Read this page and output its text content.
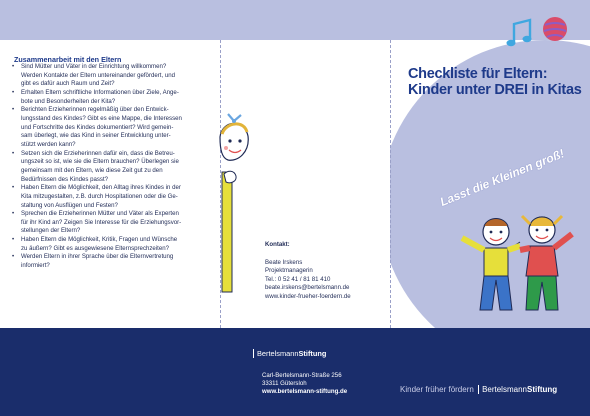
Zusammenarbeit mit den Eltern
• Sind Mütter und Väter in der Einrichtung willkommen?
Werden Kontakte der Eltern untereinander gefördert, und
gibt es dafür auch Raum und Zeit?
• Erhalten Eltern schriftliche Informationen über Ziele, Ange-
bote und Besonderheiten der Kita?
• Berichten Erzieherinnen regelmäßig über den Entwick-
lungsstand des Kindes? Gibt es eine Mappe, die Interessen
und Fortschritte des Kindes dokumentiert? Wird gemein-
sam überlegt, wie das Kind in seiner Entwicklung unter-
stützt werden kann?
• Setzen sich die Erzieherinnen dafür ein, dass die Betreu-
ungszeit so ist, wie sie die Eltern brauchen? Überlegen sie
gemeinsam mit den Eltern, wie diese Zeit gut zu den
Bedürfnissen des Kindes passt?
• Haben Eltern die Möglichkeit, den Alltag ihres Kindes in der
Kita mitzugestalten, z.B. durch Hospitationen oder die Ge-
staltung von Ausflügen und Festen?
• Sprechen die Erzieherinnen Mütter und Väter als Experten
für ihr Kind an? Zeigen Sie Interesse für die Erziehungsvor-
stellungen der Eltern?
• Haben Eltern die Möglichkeit, Kritik, Fragen und Wünsche
zu äußern? Gibt es ausgewiesene Elternsprechzeiten?
• Werden Eltern in ihrer Sprache über die Elternvertretung
informiert?
Kontakt:
Beate Irskens
Projektmanagerin
Tel.: 0 52 41 / 81 81 410
beate.irskens@bertelsmann.de
www.kinder-frueher-foerdern.de
Checkliste für Eltern:
Kinder unter DREI in Kitas
Lasst die Kleinen groß!
BertelsmannStiftung
Carl-Bertelsmann-Straße 256
33311 Gütersloh
www.bertelsmann-stiftung.de	Kinder früher fördern BertelsmannStiftung
